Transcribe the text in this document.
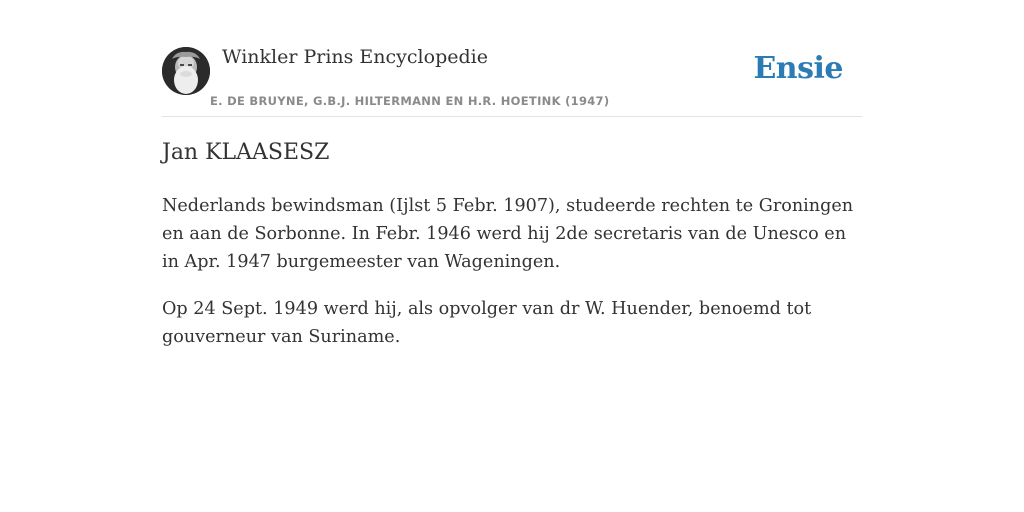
Winkler Prins Encyclopedie
E. DE BRUYNE, G.B.J. HILTERMANN EN H.R. HOETINK (1947)
Ensie
Jan KLAASESZ

Nederlands bewindsman (Ijlst 5 Febr. 1907), studeerde rechten te Groningen en aan de Sorbonne. In Febr. 1946 werd hij 2de secretaris van de Unesco en in Apr. 1947 burgemeester van Wageningen.

Op 24 Sept. 1949 werd hij, als opvolger van dr W. Huender, benoemd tot gouverneur van Suriname.
